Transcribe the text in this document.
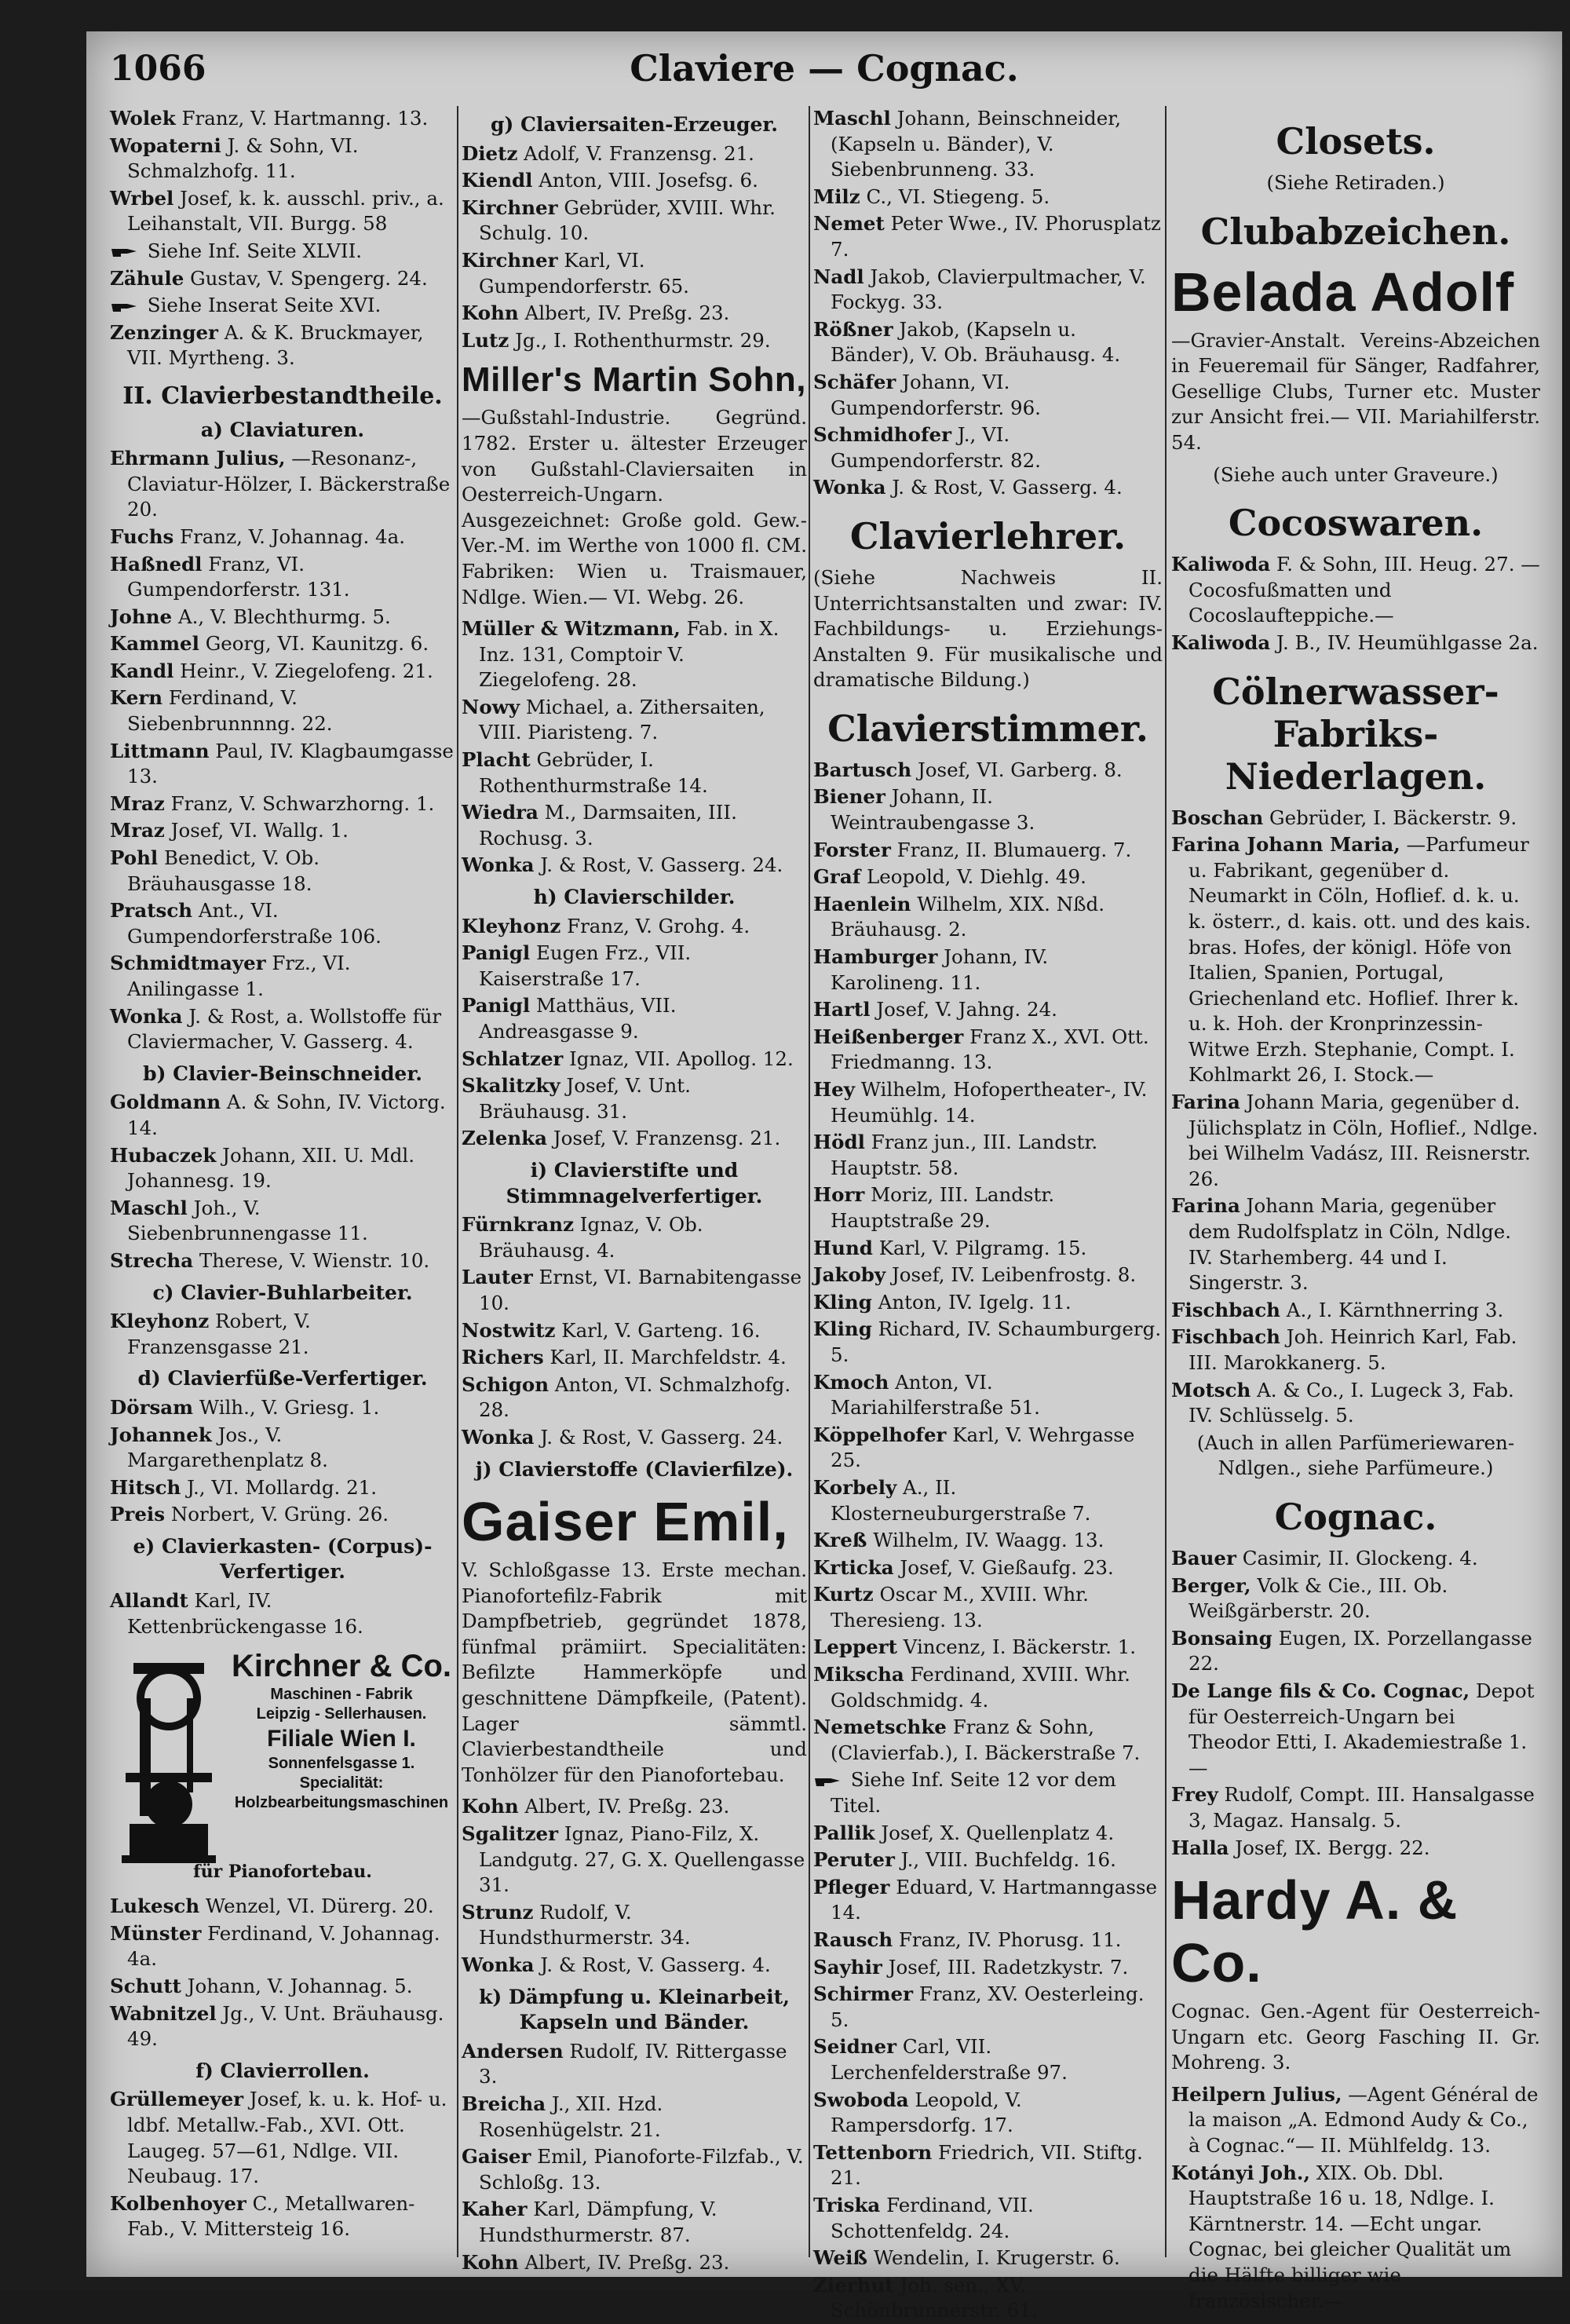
1066	Claviere — Cognac.
Wolek Franz, V. Hartmanng. 13.
Wopaterni J. & Sohn, VI. Schmalzhofg. 11.
Wrbel Josef, k. k. ausschl. priv., a. Leihanstalt, VII. Burgg. 58
Siehe Inf. Seite XLVII.
Zähule Gustav, V. Spengerg. 24.
Siehe Inserat Seite XVI.
Zenzinger A. & K. Bruckmayer, VII. Myrtheng. 3.
II. Clavierbestandtheile.
a) Claviaturen.
Ehrmann Julius, —Resonanz-, Claviatur-Hölzer, I. Bäckerstraße 20.
Fuchs Franz, V. Johannag. 4a.
Haßnedl Franz, VI. Gumpendorferstr. 131.
Johne A., V. Blechthurmg. 5.
Kammel Georg, VI. Kaunitzg. 6.
Kandl Heinr., V. Ziegelofeng. 21.
Kern Ferdinand, V. Siebenbrunnnng. 22.
Littmann Paul, IV. Klagbaumgasse 13.
Mraz Franz, V. Schwarzhorng. 1.
Mraz Josef, VI. Wallg. 1.
Pohl Benedict, V. Ob. Bräuhausgasse 18.
Pratsch Ant., VI. Gumpendorferstraße 106.
Schmidtmayer Frz., VI. Anilingasse 1.
Wonka J. & Rost, a. Wollstoffe für Claviermacher, V. Gasserg. 4.
b) Clavier-Beinschneider.
Goldmann A. & Sohn, IV. Victorg. 14.
Hubaczek Johann, XII. U. Mdl. Johannesg. 19.
Maschl Joh., V. Siebenbrunnengasse 11.
Strecha Therese, V. Wienstr. 10.
c) Clavier-Buhlarbeiter.
Kleyhonz Robert, V. Franzensgasse 21.
d) Clavierfüße-Verfertiger.
Dörsam Wilh., V. Griesg. 1.
Johannek Jos., V. Margarethenplatz 8.
Hitsch J., VI. Mollardg. 21.
Preis Norbert, V. Grüng. 26.
e) Clavierkasten- (Corpus)-Verfertiger.
Allandt Karl, IV. Kettenbrückengasse 16.
Kirchner & Co.
Maschinen - Fabrik
Leipzig - Sellerhausen.
Filiale Wien I.
Sonnenfelsgasse 1.
Specialität:
Holzbearbeitungsmaschinen
für Pianofortebau.
Lukesch Wenzel, VI. Dürerg. 20.
Münster Ferdinand, V. Johannag. 4a.
Schutt Johann, V. Johannag. 5.
Wabnitzel Jg., V. Unt. Bräuhausg. 49.
f) Clavierrollen.
Grüllemeyer Josef, k. u. k. Hof- u. ldbf. Metallw.-Fab., XVI. Ott. Laugeg. 57—61, Ndlge. VII. Neubaug. 17.
Kolbenhoyer C., Metallwaren-Fab., V. Mittersteig 16.
g) Claviersaiten-Erzeuger.
Dietz Adolf, V. Franzensg. 21.
Kiendl Anton, VIII. Josefsg. 6.
Kirchner Gebrüder, XVIII. Whr. Schulg. 10.
Kirchner Karl, VI. Gumpendorferstr. 65.
Kohn Albert, IV. Preßg. 23.
Lutz Jg., I. Rothenthurmstr. 29.
Miller's Martin Sohn,
—Gußstahl-Industrie. Gegründ. 1782. Erster u. ältester Erzeuger von Gußstahl-Claviersaiten in Oesterreich-Ungarn. Ausgezeichnet: Große gold. Gew.-Ver.-M. im Werthe von 1000 fl. CM. Fabriken: Wien u. Traismauer, Ndlge. Wien.— VI. Webg. 26.
Müller & Witzmann, Fab. in X. Inz. 131, Comptoir V. Ziegelofeng. 28.
Nowy Michael, a. Zithersaiten, VIII. Piaristeng. 7.
Placht Gebrüder, I. Rothenthurmstraße 14.
Wiedra M., Darmsaiten, III. Rochusg. 3.
Wonka J. & Rost, V. Gasserg. 24.
h) Clavierschilder.
Kleyhonz Franz, V. Grohg. 4.
Panigl Eugen Frz., VII. Kaiserstraße 17.
Panigl Matthäus, VII. Andreasgasse 9.
Schlatzer Ignaz, VII. Apollog. 12.
Skalitzky Josef, V. Unt. Bräuhausg. 31.
Zelenka Josef, V. Franzensg. 21.
i) Clavierstifte und Stimmnagelverfertiger.
Fürnkranz Ignaz, V. Ob. Bräuhausg. 4.
Lauter Ernst, VI. Barnabitengasse 10.
Nostwitz Karl, V. Garteng. 16.
Richers Karl, II. Marchfeldstr. 4.
Schigon Anton, VI. Schmalzhofg. 28.
Wonka J. & Rost, V. Gasserg. 24.
j) Clavierstoffe (Clavierfilze).
Gaiser Emil,
V. Schloßgasse 13. Erste mechan. Pianofortefilz-Fabrik mit Dampfbetrieb, gegründet 1878, fünfmal prämiirt. Specialitäten: Befilzte Hammerköpfe und geschnittene Dämpfkeile, (Patent). Lager sämmtl. Clavierbestandtheile und Tonhölzer für den Pianofortebau.
Kohn Albert, IV. Preßg. 23.
Sgalitzer Ignaz, Piano-Filz, X. Landgutg. 27, G. X. Quellengasse 31.
Strunz Rudolf, V. Hundsthurmerstr. 34.
Wonka J. & Rost, V. Gasserg. 4.
k) Dämpfung u. Kleinarbeit, Kapseln und Bänder.
Andersen Rudolf, IV. Rittergasse 3.
Breicha J., XII. Hzd. Rosenhügelstr. 21.
Gaiser Emil, Pianoforte-Filzfab., V. Schloßg. 13.
Kaher Karl, Dämpfung, V. Hundsthurmerstr. 87.
Kohn Albert, IV. Preßg. 23.
Maschl Johann, Beinschneider, (Kapseln u. Bänder), V. Siebenbrunneng. 33.
Milz C., VI. Stiegeng. 5.
Nemet Peter Wwe., IV. Phorusplatz 7.
Nadl Jakob, Clavierpultmacher, V. Fockyg. 33.
Rößner Jakob, (Kapseln u. Bänder), V. Ob. Bräuhausg. 4.
Schäfer Johann, VI. Gumpendorferstr. 96.
Schmidhofer J., VI. Gumpendorferstr. 82.
Wonka J. & Rost, V. Gasserg. 4.
Clavierlehrer.
(Siehe Nachweis II. Unterrichtsanstalten und zwar: IV. Fachbildungs- u. Erziehungs-Anstalten 9. Für musikalische und dramatische Bildung.)
Clavierstimmer.
Bartusch Josef, VI. Garberg. 8.
Biener Johann, II. Weintraubengasse 3.
Forster Franz, II. Blumauerg. 7.
Graf Leopold, V. Diehlg. 49.
Haenlein Wilhelm, XIX. Nßd. Bräuhausg. 2.
Hamburger Johann, IV. Karolineng. 11.
Hartl Josef, V. Jahng. 24.
Heißenberger Franz X., XVI. Ott. Friedmanng. 13.
Hey Wilhelm, Hofopertheater-, IV. Heumühlg. 14.
Hödl Franz jun., III. Landstr. Hauptstr. 58.
Horr Moriz, III. Landstr. Hauptstraße 29.
Hund Karl, V. Pilgramg. 15.
Jakoby Josef, IV. Leibenfrostg. 8.
Kling Anton, IV. Igelg. 11.
Kling Richard, IV. Schaumburgerg. 5.
Kmoch Anton, VI. Mariahilferstraße 51.
Köppelhofer Karl, V. Wehrgasse 25.
Korbely A., II. Klosterneuburgerstraße 7.
Kreß Wilhelm, IV. Waagg. 13.
Krticka Josef, V. Gießaufg. 23.
Kurtz Oscar M., XVIII. Whr. Theresieng. 13.
Leppert Vincenz, I. Bäckerstr. 1.
Mikscha Ferdinand, XVIII. Whr. Goldschmidg. 4.
Nemetschke Franz & Sohn, (Clavierfab.), I. Bäckerstraße 7.
Siehe Inf. Seite 12 vor dem Titel.
Pallik Josef, X. Quellenplatz 4.
Peruter J., VIII. Buchfeldg. 16.
Pfleger Eduard, V. Hartmanngasse 14.
Rausch Franz, IV. Phorusg. 11.
Sayhir Josef, III. Radetzkystr. 7.
Schirmer Franz, XV. Oesterleing. 5.
Seidner Carl, VII. Lerchenfelderstraße 97.
Swoboda Leopold, V. Rampersdorfg. 17.
Tettenborn Friedrich, VII. Stiftg. 21.
Triska Ferdinand, VII. Schottenfeldg. 24.
Weiß Wendelin, I. Krugerstr. 6.
Zierhut Joh. sen., XV. Schönbrunnerstr. 61.
Closets.
(Siehe Retiraden.)
Clubabzeichen.
Belada Adolf
—Gravier-Anstalt. Vereins-Abzeichen in Feueremail für Sänger, Radfahrer, Gesellige Clubs, Turner etc. Muster zur Ansicht frei.— VII. Mariahilferstr. 54.
(Siehe auch unter Graveure.)
Cocoswaren.
Kaliwoda F. & Sohn, III. Heug. 27. —Cocosfußmatten und Cocoslaufteppiche.—
Kaliwoda J. B., IV. Heumühlgasse 2a.
Cölnerwasser-Fabriks-Niederlagen.
Boschan Gebrüder, I. Bäckerstr. 9.
Farina Johann Maria, —Parfumeur u. Fabrikant, gegenüber d. Neumarkt in Cöln, Hoflief. d. k. u. k. österr., d. kais. ott. und des kais. bras. Hofes, der königl. Höfe von Italien, Spanien, Portugal, Griechenland etc. Hoflief. Ihrer k. u. k. Hoh. der Kronprinzessin-Witwe Erzh. Stephanie, Compt. I. Kohlmarkt 26, I. Stock.—
Farina Johann Maria, gegenüber d. Jülichsplatz in Cöln, Hoflief., Ndlge. bei Wilhelm Vadász, III. Reisnerstr. 26.
Farina Johann Maria, gegenüber dem Rudolfsplatz in Cöln, Ndlge. IV. Starhemberg. 44 und I. Singerstr. 3.
Fischbach A., I. Kärnthnerring 3.
Fischbach Joh. Heinrich Karl, Fab. III. Marokkanerg. 5.
Motsch A. & Co., I. Lugeck 3, Fab. IV. Schlüsselg. 5.
(Auch in allen Parfümeriewaren-Ndlgen., siehe Parfümeure.)
Cognac.
Bauer Casimir, II. Glockeng. 4.
Berger, Volk & Cie., III. Ob. Weißgärberstr. 20.
Bonsaing Eugen, IX. Porzellangasse 22.
De Lange fils & Co. Cognac, Depot für Oesterreich-Ungarn bei Theodor Etti, I. Akademiestraße 1.—
Frey Rudolf, Compt. III. Hansalgasse 3, Magaz. Hansalg. 5.
Halla Josef, IX. Bergg. 22.
Hardy A. & Co.
Cognac. Gen.-Agent für Oesterreich-Ungarn etc. Georg Fasching II. Gr. Mohreng. 3.
Heilpern Julius, —Agent Général de la maison „A. Edmond Audy & Co., à Cognac.“— II. Mühlfeldg. 13.
Kotányi Joh., XIX. Ob. Dbl. Hauptstraße 16 u. 18, Ndlge. I. Kärntnerstr. 14. —Echt ungar. Cognac, bei gleicher Qualität um die Hälfte billiger wie französischer.—
